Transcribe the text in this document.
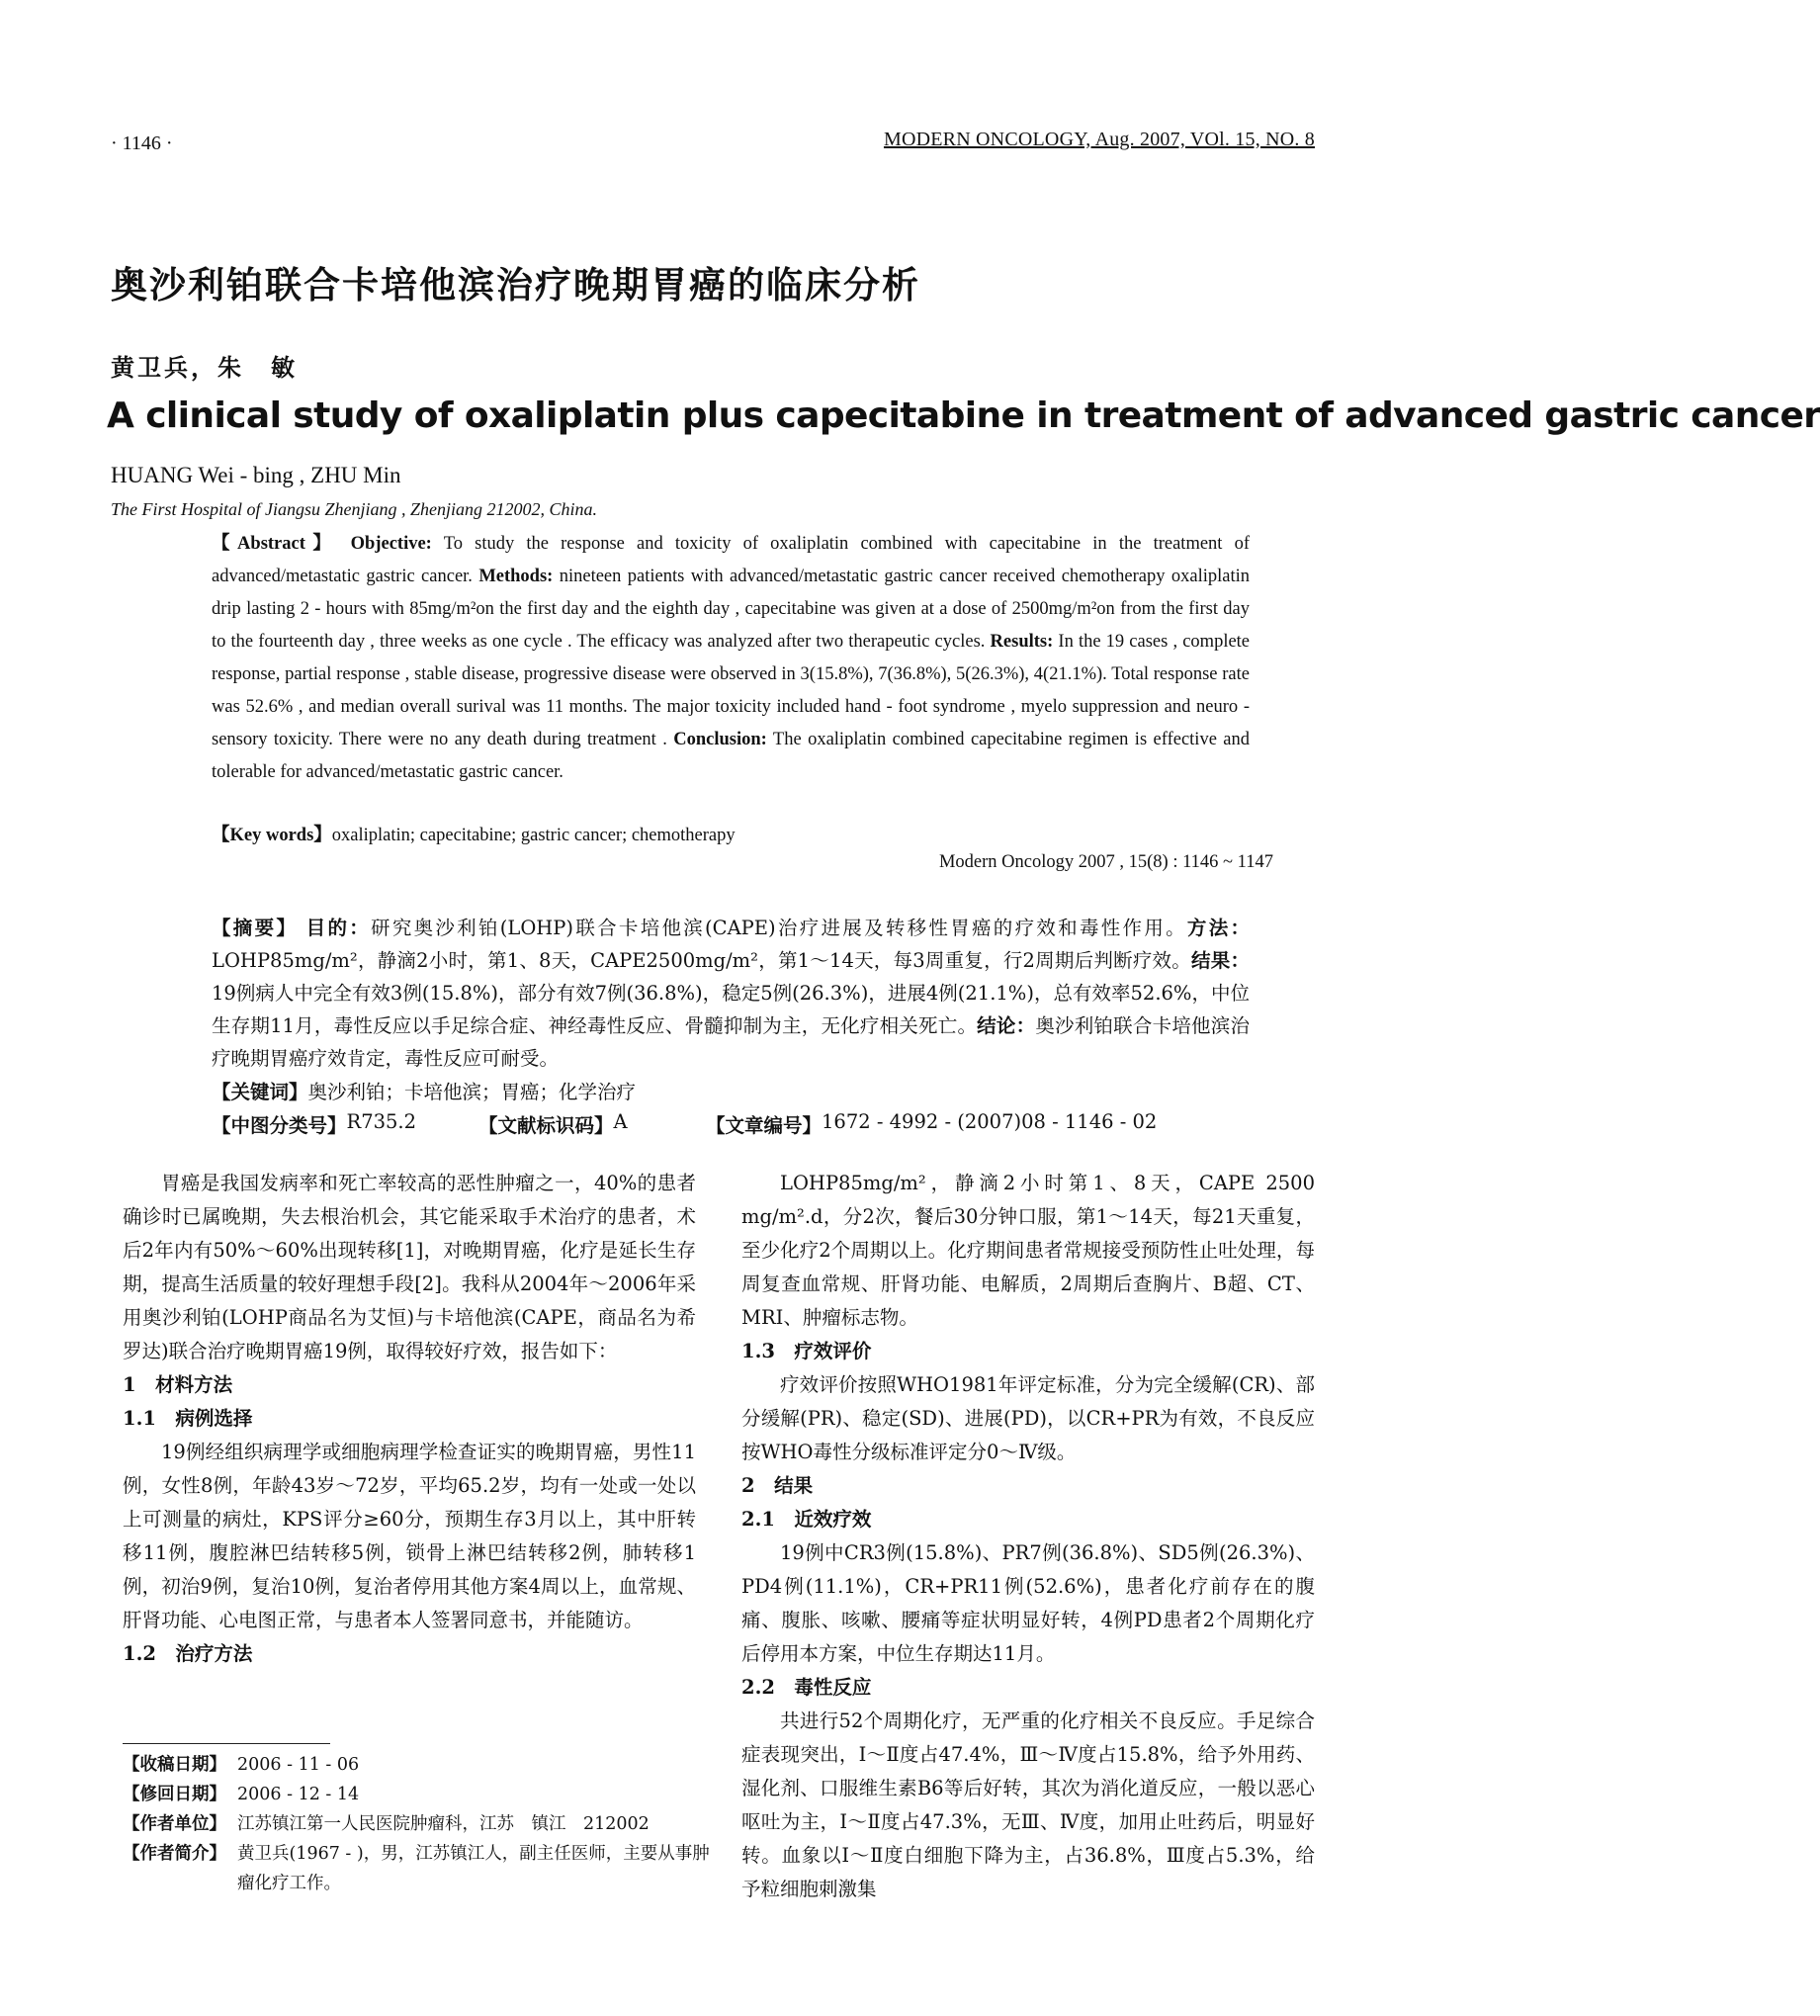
· 1146 ·	MODERN ONCOLOGY, Aug. 2007, VOl. 15, NO. 8
奥沙利铂联合卡培他滨治疗晚期胃癌的临床分析
黄卫兵，朱　敏
A clinical study of oxaliplatin plus capecitabine in treatment of advanced gastric cancer
HUANG Wei - bing , ZHU Min
The First Hospital of Jiangsu Zhenjiang , Zhenjiang 212002, China.
【Abstract】 Objective: To study the response and toxicity of oxaliplatin combined with capecitabine in the treatment of advanced/metastatic gastric cancer. Methods: nineteen patients with advanced/metastatic gastric cancer received chemotherapy oxaliplatin drip lasting 2 - hours with 85mg/m²on the first day and the eighth day , capecitabine was given at a dose of 2500mg/m²on from the first day to the fourteenth day , three weeks as one cycle . The efficacy was analyzed after two therapeutic cycles. Results: In the 19 cases , complete response, partial response , stable disease, progressive disease were observed in 3(15.8%), 7(36.8%), 5(26.3%), 4(21.1%). Total response rate was 52.6% , and median overall surival was 11 months. The major toxicity included hand - foot syndrome , myelo suppression and neuro - sensory toxicity. There were no any death during treatment . Conclusion: The oxaliplatin combined capecitabine regimen is effective and tolerable for advanced/metastatic gastric cancer.
【Key words】oxaliplatin; capecitabine; gastric cancer; chemotherapy
Modern Oncology 2007 , 15(8) : 1146 ~ 1147
【摘要】 目的：研究奥沙利铂(LOHP)联合卡培他滨(CAPE)治疗进展及转移性胃癌的疗效和毒性作用。方法：LOHP85mg/m²，静滴2小时，第1、8天，CAPE2500mg/m²，第1～14天，每3周重复，行2周期后判断疗效。结果：19例病人中完全有效3例(15.8%)，部分有效7例(36.8%)，稳定5例(26.3%)，进展4例(21.1%)，总有效率52.6%，中位生存期11月，毒性反应以手足综合症、神经毒性反应、骨髓抑制为主，无化疗相关死亡。结论：奥沙利铂联合卡培他滨治疗晚期胃癌疗效肯定，毒性反应可耐受。
【关键词】奥沙利铂；卡培他滨；胃癌；化学治疗
【中图分类号】 R735.2	【文献标识码】 A	【文章编号】 1672 - 4992 - (2007)08 - 1146 - 02

胃癌是我国发病率和死亡率较高的恶性肿瘤之一，40%的患者确诊时已属晚期，失去根治机会，其它能采取手术治疗的患者，术后2年内有50%～60%出现转移[1]，对晚期胃癌，化疗是延长生存期，提高生活质量的较好理想手段[2]。我科从2004年～2006年采用奥沙利铂(LOHP商品名为艾恒)与卡培他滨(CAPE，商品名为希罗达)联合治疗晚期胃癌19例，取得较好疗效，报告如下：

1　材料方法

1.1　病例选择

19例经组织病理学或细胞病理学检查证实的晚期胃癌，男性11例，女性8例，年龄43岁～72岁，平均65.2岁，均有一处或一处以上可测量的病灶，KPS评分≥60分，预期生存3月以上，其中肝转移11例，腹腔淋巴结转移5例，锁骨上淋巴结转移2例，肺转移1例，初治9例，复治10例，复治者停用其他方案4周以上，血常规、肝肾功能、心电图正常，与患者本人签署同意书，并能随访。

1.2　治疗方法

【收稿日期】 2006 - 11 - 06
【修回日期】 2006 - 12 - 14
【作者单位】 江苏镇江第一人民医院肿瘤科，江苏　镇江　212002
【作者简介】 黄卫兵(1967 - )，男，江苏镇江人，副主任医师，主要从事肿瘤化疗工作。

LOHP85mg/m²，静滴2小时第1、8天，CAPE 2500 mg/m².d，分2次，餐后30分钟口服，第1～14天，每21天重复，至少化疗2个周期以上。化疗期间患者常规接受预防性止吐处理，每周复查血常规、肝肾功能、电解质，2周期后查胸片、B超、CT、MRI、肿瘤标志物。

1.3　疗效评价

疗效评价按照WHO1981年评定标准，分为完全缓解(CR)、部分缓解(PR)、稳定(SD)、进展(PD)，以CR+PR为有效，不良反应按WHO毒性分级标准评定分0～Ⅳ级。

2　结果

2.1　近效疗效

19例中CR3例(15.8%)、PR7例(36.8%)、SD5例(26.3%)、PD4例(11.1%)，CR+PR11例(52.6%)，患者化疗前存在的腹痛、腹胀、咳嗽、腰痛等症状明显好转，4例PD患者2个周期化疗后停用本方案，中位生存期达11月。

2.2　毒性反应

共进行52个周期化疗，无严重的化疗相关不良反应。手足综合症表现突出，Ⅰ～Ⅱ度占47.4%，Ⅲ～Ⅳ度占15.8%，给予外用药、湿化剂、口服维生素B6等后好转，其次为消化道反应，一般以恶心呕吐为主，Ⅰ～Ⅱ度占47.3%，无Ⅲ、Ⅳ度，加用止吐药后，明显好转。血象以Ⅰ～Ⅱ度白细胞下降为主，占36.8%，Ⅲ度占5.3%，给予粒细胞刺激集
